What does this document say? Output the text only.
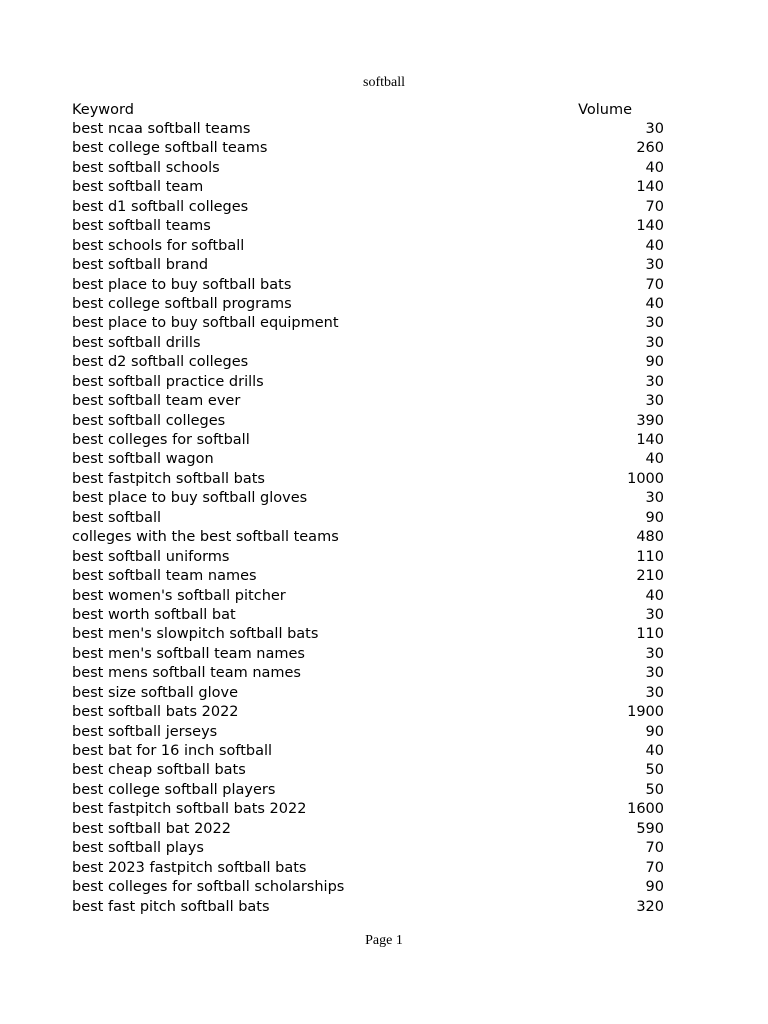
softball
Keyword	Volume
best ncaa softball teams	30
best college softball teams	260
best softball schools	40
best softball team	140
best d1 softball colleges	70
best softball teams	140
best schools for softball	40
best softball brand	30
best place to buy softball bats	70
best college softball programs	40
best place to buy softball equipment	30
best softball drills	30
best d2 softball colleges	90
best softball practice drills	30
best softball team ever	30
best softball colleges	390
best colleges for softball	140
best softball wagon	40
best fastpitch softball bats	1000
best place to buy softball gloves	30
best softball	90
colleges with the best softball teams	480
best softball uniforms	110
best softball team names	210
best women's softball pitcher	40
best worth softball bat	30
best men's slowpitch softball bats	110
best men's softball team names	30
best mens softball team names	30
best size softball glove	30
best softball bats 2022	1900
best softball jerseys	90
best bat for 16 inch softball	40
best cheap softball bats	50
best college softball players	50
best fastpitch softball bats 2022	1600
best softball bat 2022	590
best softball plays	70
best 2023 fastpitch softball bats	70
best colleges for softball scholarships	90
best fast pitch softball bats	320
Page 1
